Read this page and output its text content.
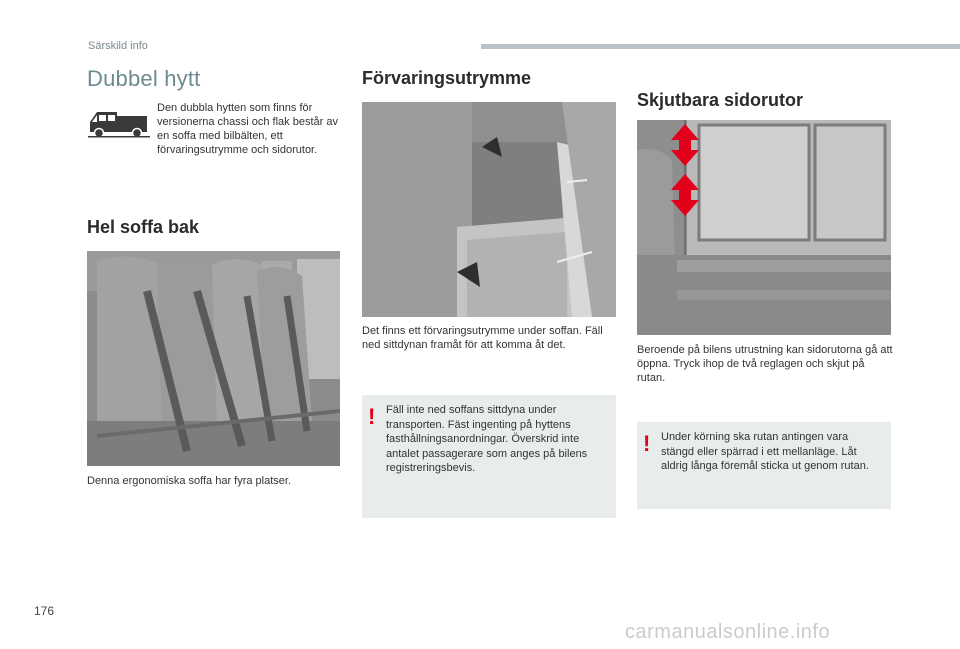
Särskild info
Dubbel hytt
Den dubbla hytten som finns för versionerna chassi och flak består av en soffa med bilbälten, ett förvaringsutrymme och sidorutor.
Hel soffa bak
Denna ergonomiska soffa har fyra platser.
Förvaringsutrymme
Det finns ett förvaringsutrymme under soffan. Fäll ned sittdynan framåt för att komma åt det.
! Fäll inte ned soffans sittdyna under transporten. Fäst ingenting på hyttens fasthållningsanordningar. Överskrid inte antalet passagerare som anges på bilens registreringsbevis.
Skjutbara sidorutor
Beroende på bilens utrustning kan sidorutorna gå att öppna. Tryck ihop de två reglagen och skjut på rutan.
! Under körning ska rutan antingen vara stängd eller spärrad i ett mellanläge. Låt aldrig långa föremål sticka ut genom rutan.
176
carmanualsonline.info
